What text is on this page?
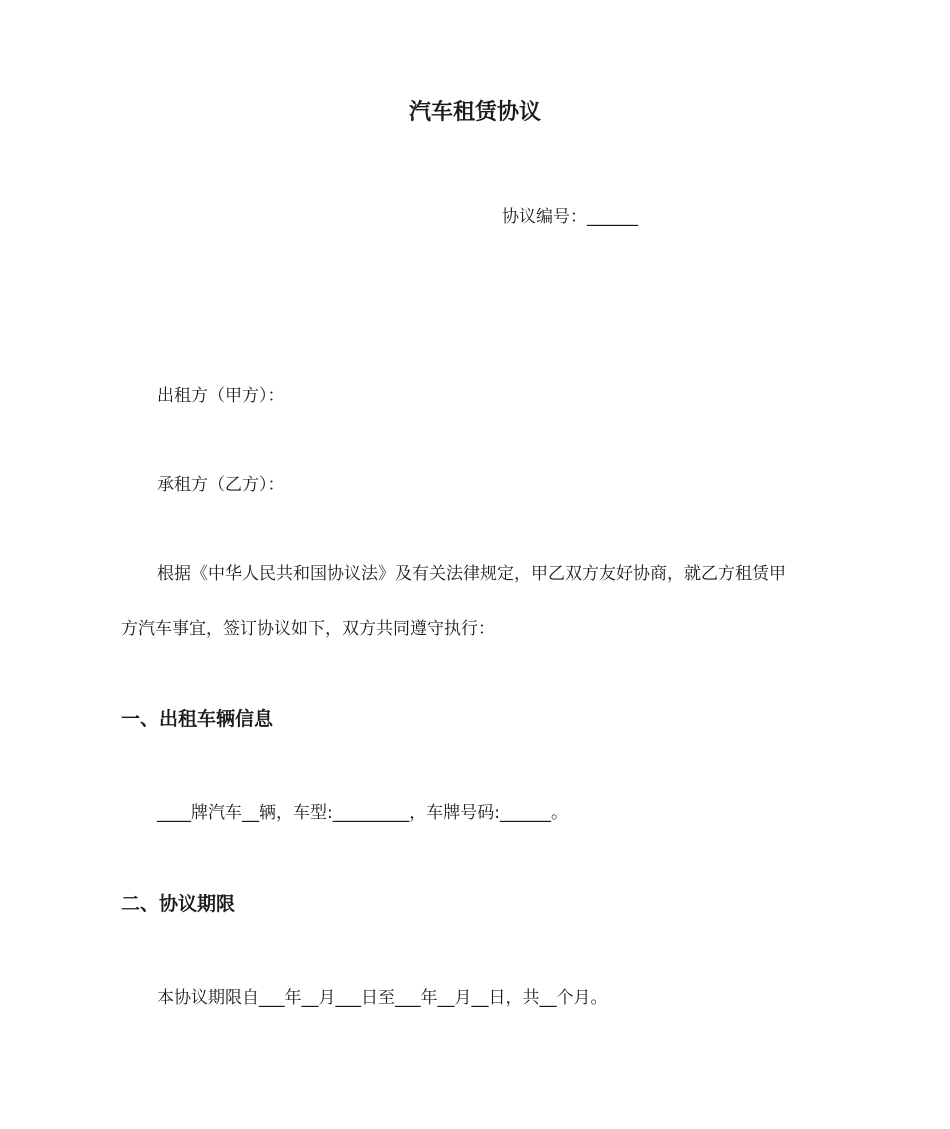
汽车租赁协议
协议编号：______
出租方（甲方）：
承租方（乙方）：
根据《中华人民共和国协议法》及有关法律规定，甲乙双方友好协商，就乙方租赁甲
方汽车事宜，签订协议如下，双方共同遵守执行：
一、出租车辆信息
____牌汽车__辆，车型:_________，车牌号码:______。
二、协议期限
本协议期限自___年__月___日至___年__月__日，共__个月。
